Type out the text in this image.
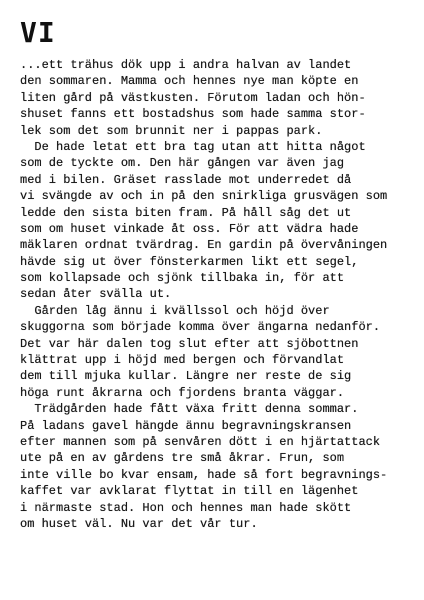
VI
...ett trähus dök upp i andra halvan av landet
den sommaren. Mamma och hennes nye man köpte en
liten gård på västkusten. Förutom ladan och hön-
shuset fanns ett bostadshus som hade samma stor-
lek som det som brunnit ner i pappas park.
De hade letat ett bra tag utan att hitta något
som de tyckte om. Den här gången var även jag
med i bilen. Gräset rasslade mot underredet då
vi svängde av och in på den snirkliga grusvägen som
ledde den sista biten fram. På håll såg det ut
som om huset vinkade åt oss. För att vädra hade
mäklaren ordnat tvärdrag. En gardin på övervåningen
hävde sig ut över fönsterkarmen likt ett segel,
som kollapsade och sjönk tillbaka in, för att
sedan åter svälla ut.
Gården låg ännu i kvällssol och höjd över
skuggorna som började komma över ängarna nedanför.
Det var här dalen tog slut efter att sjöbottnen
klättrat upp i höjd med bergen och förvandlat
dem till mjuka kullar. Längre ner reste de sig
höga runt åkrarna och fjordens branta väggar.
Trädgården hade fått växa fritt denna sommar.
På ladans gavel hängde ännu begravningskransen
efter mannen som på senvåren dött i en hjärtattack
ute på en av gårdens tre små åkrar. Frun, som
inte ville bo kvar ensam, hade så fort begravnings-
kaffet var avklarat flyttat in till en lägenhet
i närmaste stad. Hon och hennes man hade skött
om huset väl. Nu var det vår tur.
